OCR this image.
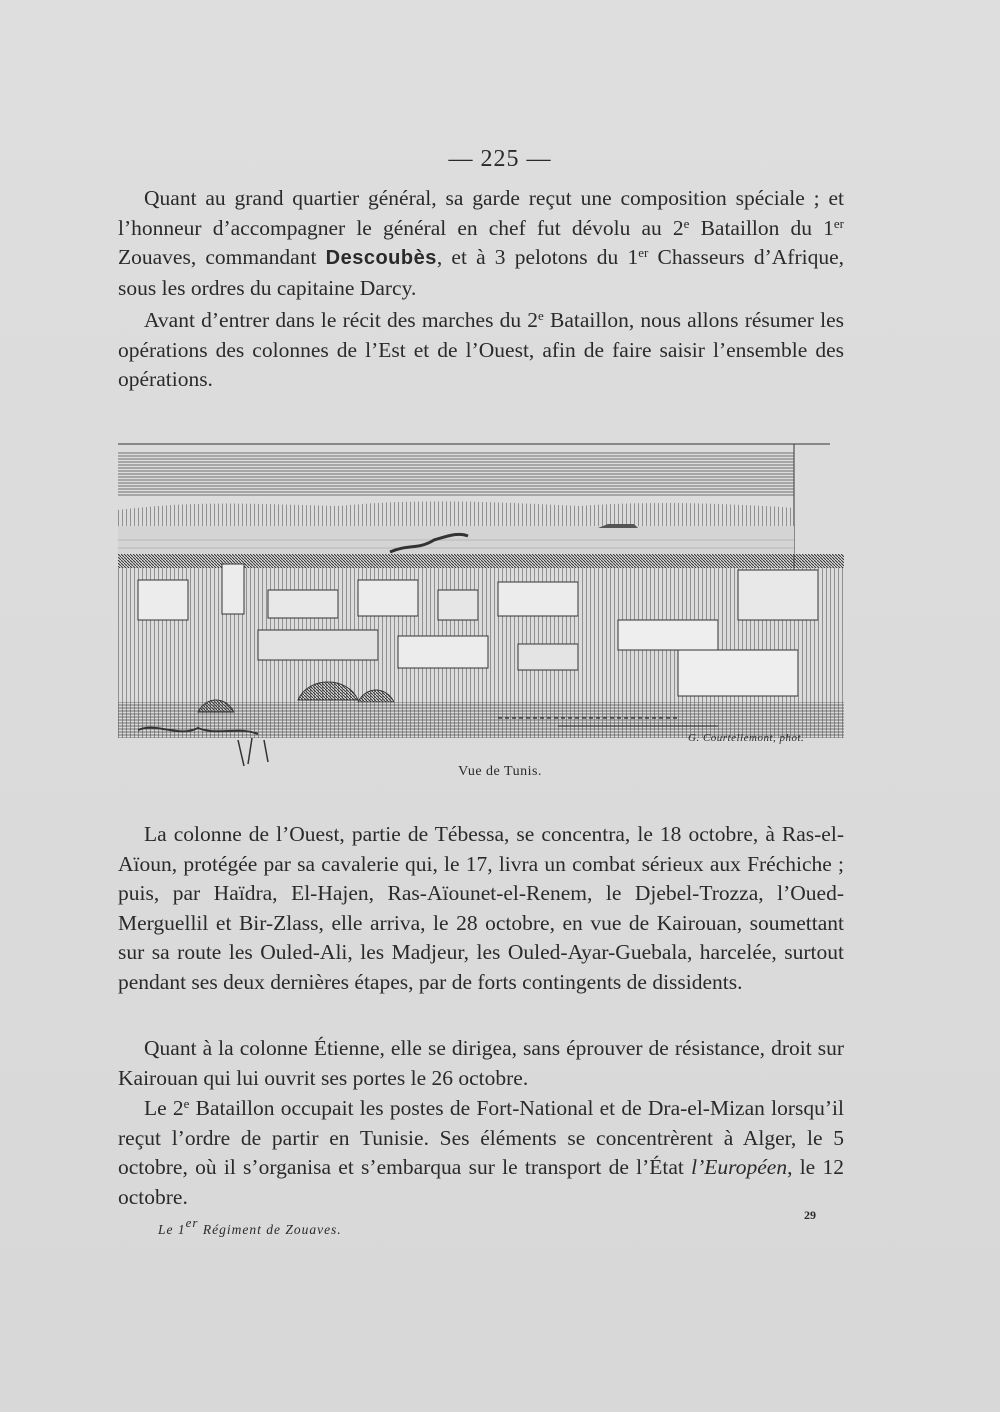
— 225 —

Quant au grand quartier général, sa garde reçut une composition spéciale ; et l’honneur d’accompagner le général en chef fut dévolu au 2e Bataillon du 1er Zouaves, commandant Descoubès, et à 3 pelotons du 1er Chasseurs d’Afrique, sous les ordres du capitaine Darcy.

Avant d’entrer dans le récit des marches du 2e Bataillon, nous allons résumer les opérations des colonnes de l’Est et de l’Ouest, afin de faire saisir l’ensemble des opérations.

G. Courtellemont, phot.
Vue de Tunis.

La colonne de l’Ouest, partie de Tébessa, se concentra, le 18 octobre, à Ras-el-Aïoun, protégée par sa cavalerie qui, le 17, livra un combat sérieux aux Fréchiche ; puis, par Haïdra, El-Hajen, Ras-Aïounet-el-Renem, le Djebel-Trozza, l’Oued-Merguellil et Bir-Zlass, elle arriva, le 28 octobre, en vue de Kairouan, soumettant sur sa route les Ouled-Ali, les Madjeur, les Ouled-Ayar-Guebala, harcelée, surtout pendant ses deux dernières étapes, par de forts contingents de dissidents.

Quant à la colonne Étienne, elle se dirigea, sans éprouver de résistance, droit sur Kairouan qui lui ouvrit ses portes le 26 octobre.

Le 2e Bataillon occupait les postes de Fort-National et de Dra-el-Mizan lorsqu’il reçut l’ordre de partir en Tunisie. Ses éléments se concentrèrent à Alger, le 5 octobre, où il s’organisa et s’embarqua sur le transport de l’État l’Européen, le 12 octobre.

Le 1er Régiment de Zouaves.
29
